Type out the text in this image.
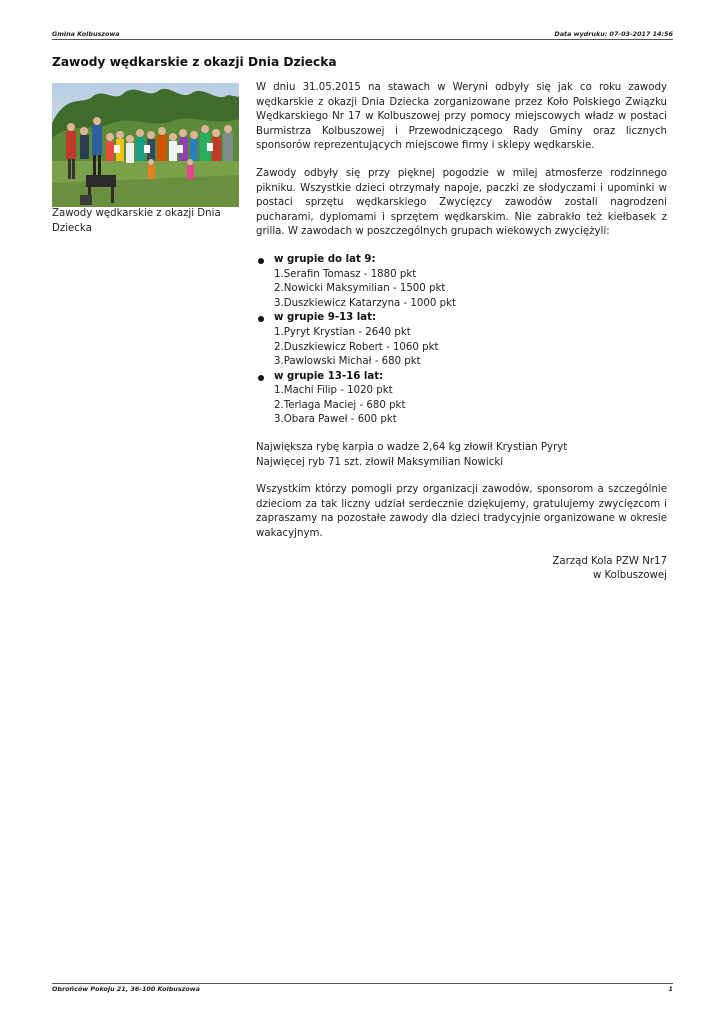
Gmina Kolbuszowa	Data wydruku: 07-03-2017 14:56
Zawody wędkarskie z okazji Dnia Dziecka
Zawody wędkarskie z okazji Dnia Dziecka

W dniu 31.05.2015 na stawach w Weryni odbyły się jak co roku zawody wędkarskie z okazji Dnia Dziecka zorganizowane przez Koło Polskiego Związku Wędkarskiego Nr 17 w Kolbuszowej przy pomocy miejscowych władz w postaci Burmistrza Kolbuszowej i Przewodniczącego Rady Gminy oraz licznych sponsorów reprezentujących miejscowe firmy i sklepy wędkarskie.

Zawody odbyły się przy pięknej pogodzie w milej atmosferze rodzinnego pikniku. Wszystkie dzieci otrzymały napoje, paczki ze słodyczami i upominki w postaci sprzętu wędkarskiego Zwycięzcy zawodów zostali nagrodzeni pucharami, dyplomami i sprzętem wędkarskim. Nie zabrakło też kiełbasek z grilla. W zawodach w poszczególnych grupach wiekowych zwyciężyli:

w grupie do lat 9:
1.Serafin Tomasz - 1880 pkt
2.Nowicki Maksymilian - 1500 pkt
3.Duszkiewicz Katarzyna - 1000 pkt
w grupie 9-13 lat:
1.Pyryt Krystian - 2640 pkt
2.Duszkiewicz Robert - 1060 pkt
3.Pawlowski Michał - 680 pkt
w grupie 13-16 lat:
1.Machi Filip - 1020 pkt
2.Terlaga Maciej - 680 pkt
3.Obara Paweł - 600 pkt

Największa rybę karpia o wadze 2,64 kg złowił Krystian Pyryt

Najwięcej ryb 71 szt. złowił Maksymilian Nowicki

Wszystkim którzy pomogli przy organizacji zawodów, sponsorom a szczególnie dzieciom za tak liczny udział serdecznie dziękujemy, gratulujemy zwycięzcom i zapraszamy na pozostałe zawody dla dzieci tradycyjnie organizowane w okresie wakacyjnym.

Zarząd Kola PZW Nr17

w Kolbuszowej

Obrońców Pokoju 21, 36-100 Kolbuszowa	1
